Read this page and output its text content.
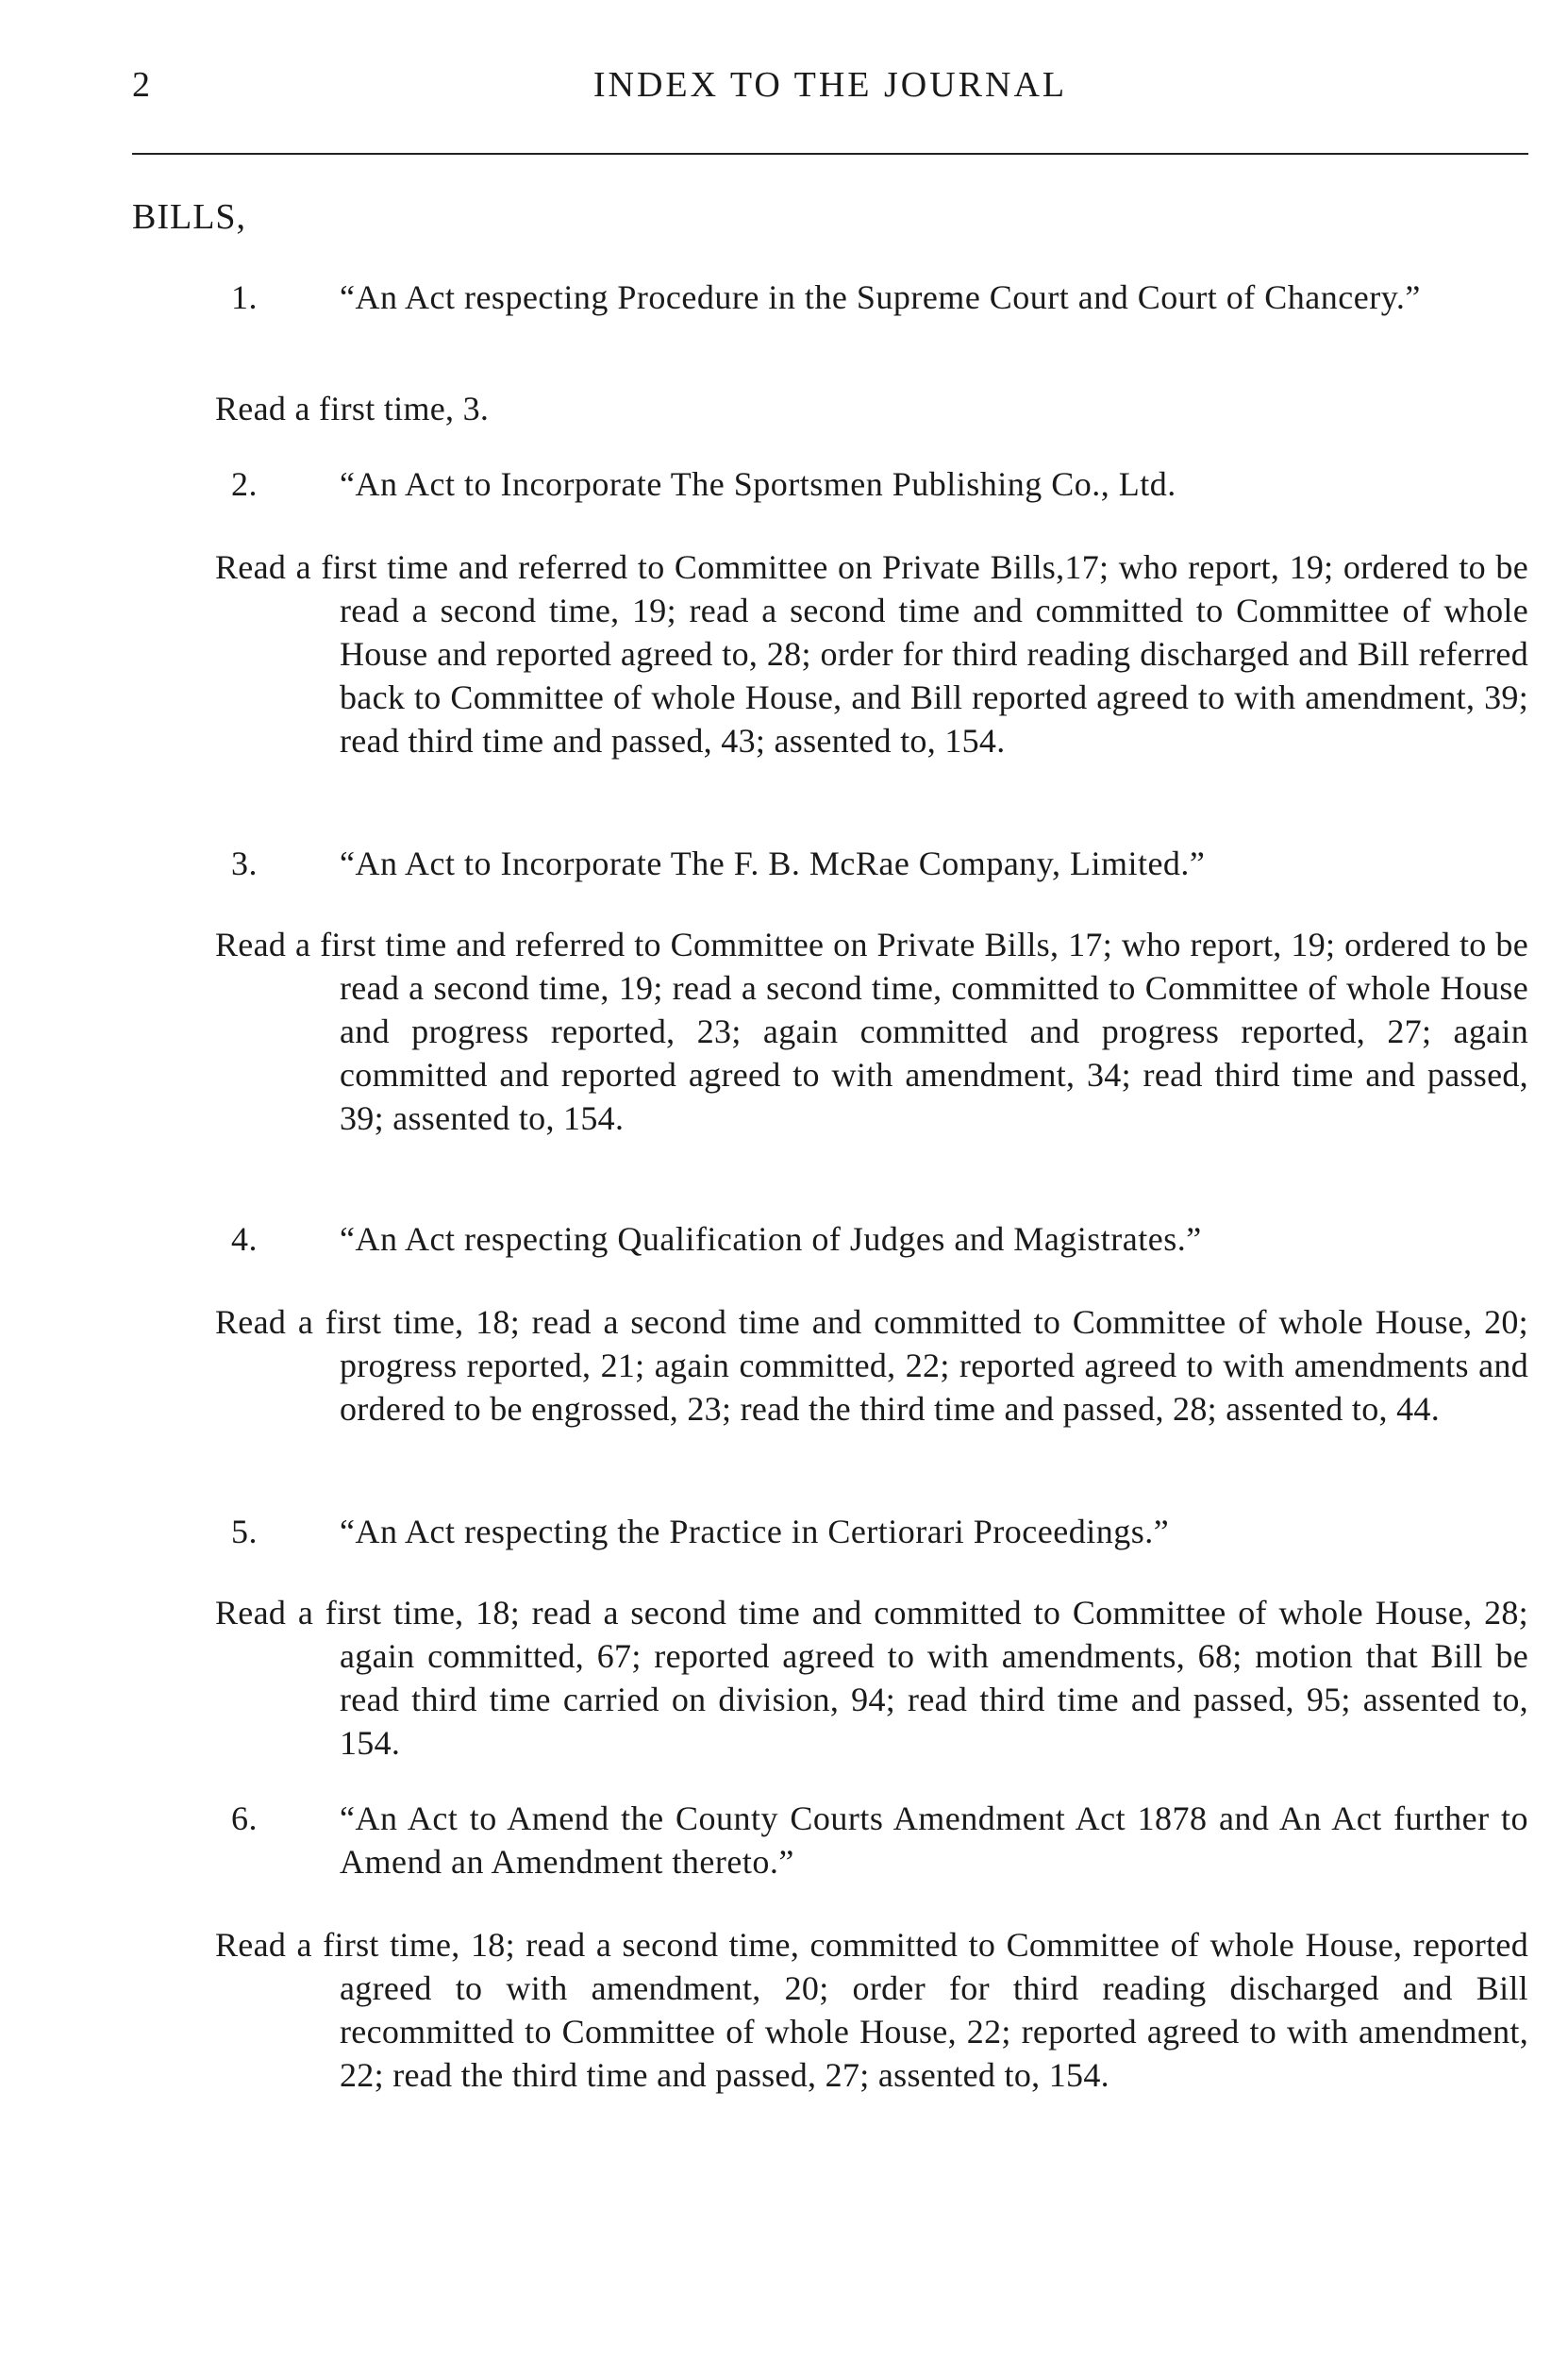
2	INDEX TO THE JOURNAL
BILLS,
1. “An Act respecting Procedure in the Supreme Court and Court of Chancery.”
Read a first time, 3.
2. “An Act to Incorporate The Sportsmen Publishing Co., Ltd.
Read a first time and referred to Committee on Private Bills,17; who report, 19; ordered to be read a second time, 19; read a second time and committed to Committee of whole House and reported agreed to, 28; order for third reading discharged and Bill referred back to Committee of whole House, and Bill reported agreed to with amendment, 39; read third time and passed, 43; assented to, 154.
3. “An Act to Incorporate The F. B. McRae Company, Limited.”
Read a first time and referred to Committee on Private Bills, 17; who report, 19; ordered to be read a second time, 19; read a second time, committed to Committee of whole House and progress reported, 23; again committed and progress reported, 27; again committed and reported agreed to with amendment, 34; read third time and passed, 39; assented to, 154.
4. “An Act respecting Qualification of Judges and Magistrates.”
Read a first time, 18; read a second time and committed to Committee of whole House, 20; progress reported, 21; again committed, 22; reported agreed to with amendments and ordered to be engrossed, 23; read the third time and passed, 28; assented to, 44.
5. “An Act respecting the Practice in Certiorari Proceedings.”
Read a first time, 18; read a second time and committed to Committee of whole House, 28; again committed, 67; reported agreed to with amendments, 68; motion that Bill be read third time carried on division, 94; read third time and passed, 95; assented to, 154.
6. “An Act to Amend the County Courts Amendment Act 1878 and An Act further to Amend an Amendment thereto.”
Read a first time, 18; read a second time, committed to Committee of whole House, reported agreed to with amendment, 20; order for third reading discharged and Bill recommitted to Committee of whole House, 22; reported agreed to with amendment, 22; read the third time and passed, 27; assented to, 154.
